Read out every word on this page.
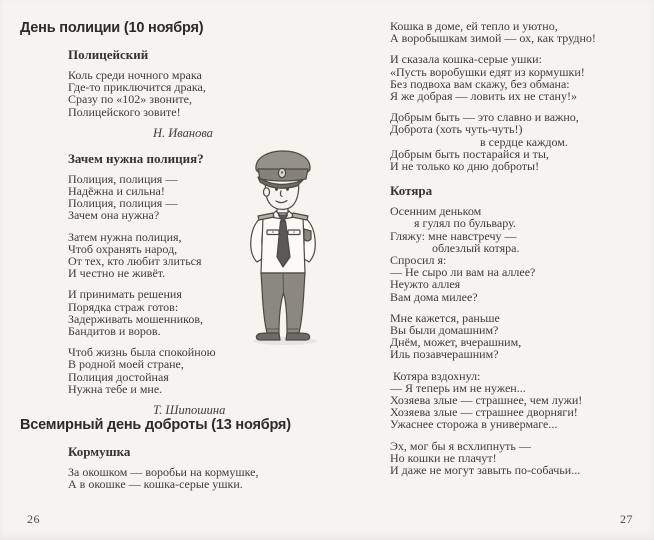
День полиции (10 ноября)
Полицейский
Коль среди ночного мрака
Где-то приключится драка,
Сразу по «102» звоните,
Полицейского зовите!
Н. Иванова
Зачем нужна полиция?
Полиция, полиция —
Надёжна и сильна!
Полиция, полиция —
Зачем она нужна?
Затем нужна полиция,
Чтоб охранять народ,
От тех, кто любит злиться
И честно не живёт.
И принимать решения
Порядка страж готов:
Задерживать мошенников,
Бандитов и воров.
Чтоб жизнь была спокойною
В родной моей стране,
Полиция достойная
Нужна тебе и мне.
Т. Шипошина
Всемирный день доброты (13 ноября)
Кормушка
За окошком — воробьи на кормушке,
А в окошке — кошка-серые ушки.
Кошка в доме, ей тепло и уютно,
А воробышкам зимой — ох, как трудно!
И сказала кошка-серые ушки:
«Пусть воробушки едят из кормушки!
Без подвоха вам скажу, без обмана:
Я же добрая — ловить их не стану!»
Добрым быть — это славно и важно,
Доброта (хоть чуть-чуть!)
в сердце каждом.
Добрым быть постарайся и ты,
И не только ко дню доброты!
Котяра
Осенним деньком
я гулял по бульвару.
Гляжу: мне навстречу —
облезлый котяра.
Спросил я:
— Не сыро ли вам на аллее?
Неужто аллея
Вам дома милее?
Мне кажется, раньше
Вы были домашним?
Днём, может, вчерашним,
Иль позавчерашним?
Котяра вздохнул:
— Я теперь им не нужен...
Хозяева злые — страшнее, чем лужи!
Хозяева злые — страшнее дворняги!
Ужаснее сторожа в универмаге...
Эх, мог бы я всхлипнуть —
Но кошки не плачут!
И даже не могут завыть по-собачьи...
26	27
